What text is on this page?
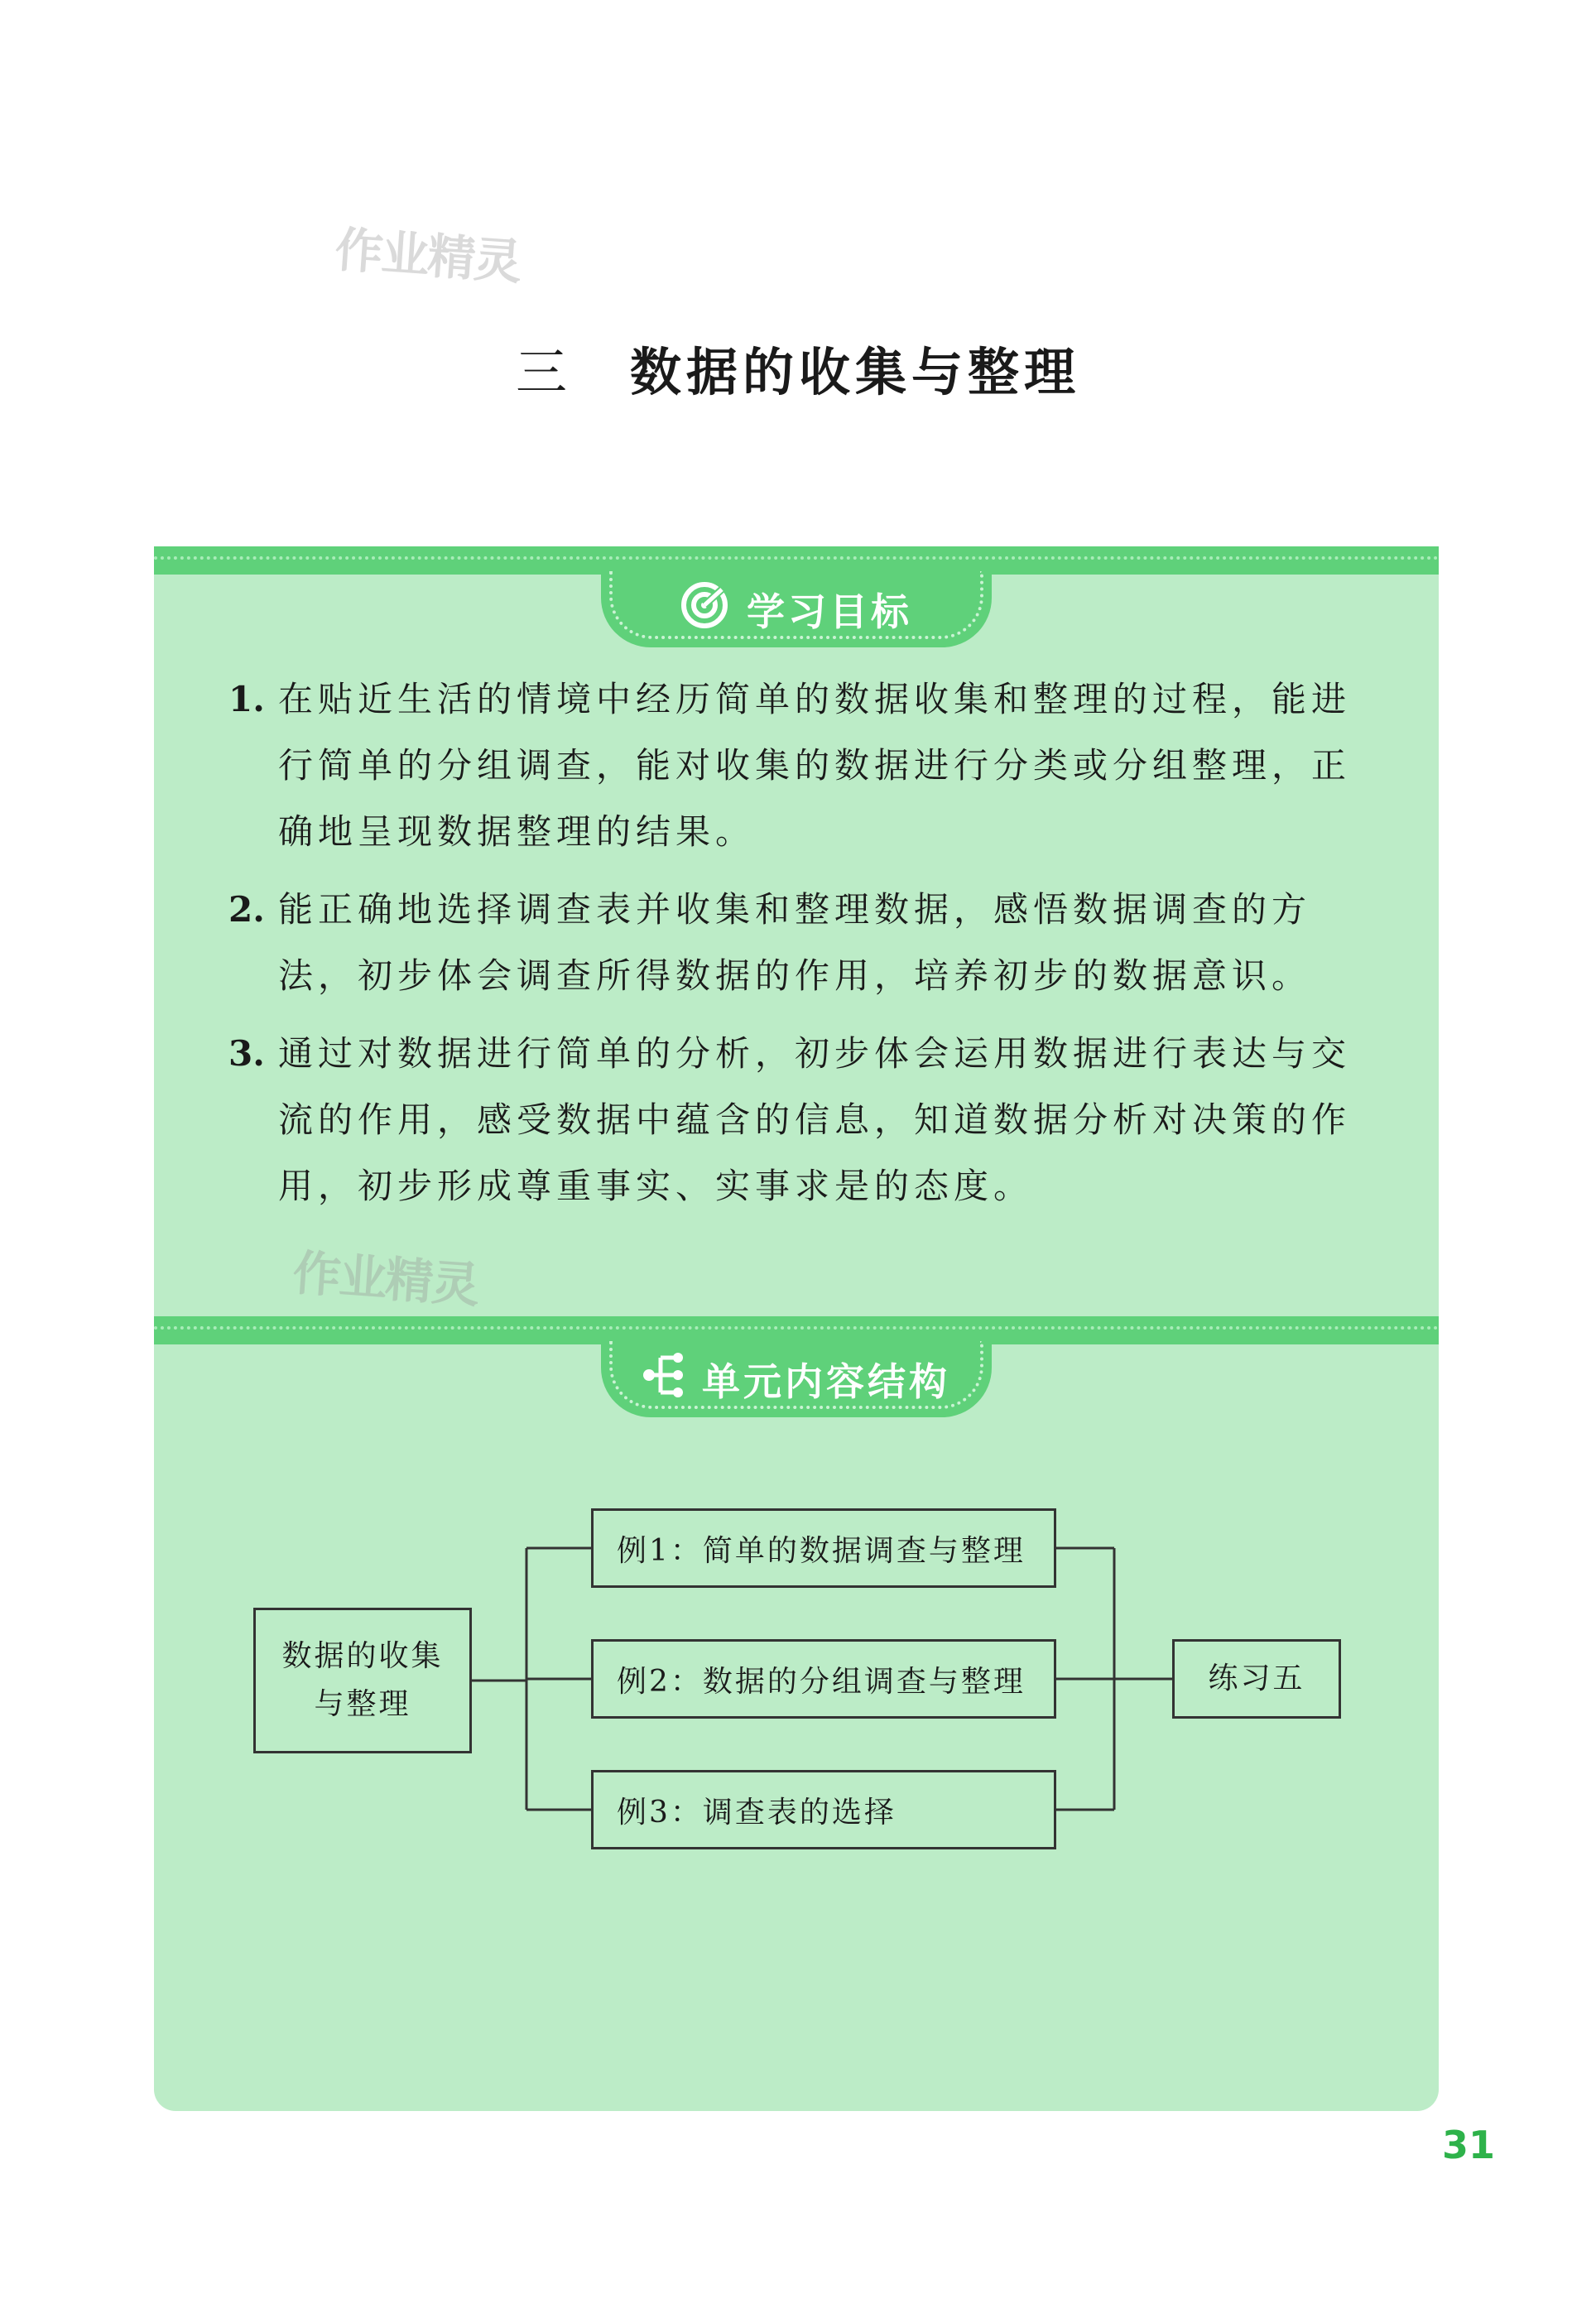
作业精灵
三 数据的收集与整理
学习目标
1. 在贴近生活的情境中经历简单的数据收集和整理的过程，能进行简单的分组调查，能对收集的数据进行分类或分组整理，正确地呈现数据整理的结果。
2. 能正确地选择调查表并收集和整理数据，感悟数据调查的方法，初步体会调查所得数据的作用，培养初步的数据意识。
3. 通过对数据进行简单的分析，初步体会运用数据进行表达与交流的作用，感受数据中蕴含的信息，知道数据分析对决策的作用，初步形成尊重事实、实事求是的态度。
作业精灵
单元内容结构
数据的收集
与整理
例1：简单的数据调查与整理
例2：数据的分组调查与整理
例3：调查表的选择
练习五
31
